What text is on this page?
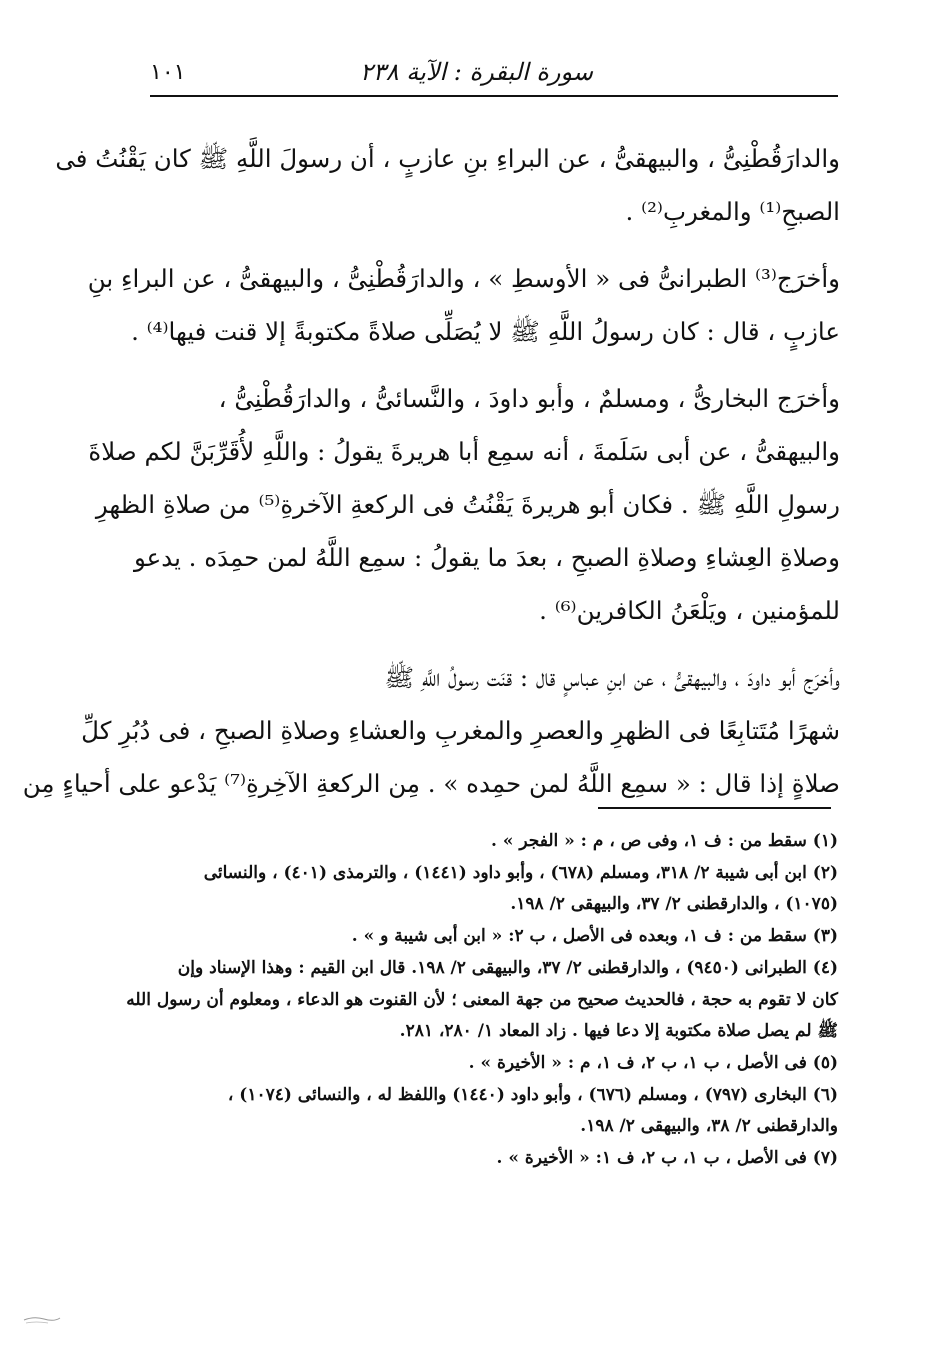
سورة البقرة : الآية ٢٣٨
١٠١

والدارَقُطْنِىُّ ، والبيهقىُّ ، عن البراءِ بنِ عازبٍ ، أن رسولَ اللَّهِ ﷺ كان يَقْنُتُ فى
الصبحِ⁽¹⁾ والمغربِ⁽²⁾ .

وأخرَج⁽³⁾ الطبرانىُّ فى « الأوسطِ » ، والدارَقُطْنِىُّ ، والبيهقىُّ ، عن البراءِ بنِ
عازبٍ ، قال : كان رسولُ اللَّهِ ﷺ لا يُصَلِّى صلاةً مكتوبةً إلا قنت فيها⁽⁴⁾ .

وأخرَج البخارىُّ ، ومسلمٌ ، وأبو داودَ ، والنَّسائىُّ ، والدارَقُطْنِىُّ ،
والبيهقىُّ ، عن أبى سَلَمةَ ، أنه سمِع أبا هريرةَ يقولُ : واللَّهِ لأُقَرِّبَنَّ لكم صلاةَ
رسولِ اللَّهِ ﷺ . فكان أبو هريرةَ يَقْنُتُ فى الركعةِ الآخرةِ⁽⁵⁾ من صلاةِ الظهرِ
وصلاةِ العِشاءِ وصلاةِ الصبحِ ، بعدَ ما يقولُ : سمِع اللَّهُ لمن حمِدَه . يدعو
للمؤمنين ، ويَلْعَنُ الكافرين⁽⁶⁾ .

وأخرَج أبو داودَ ، والبيهقىُّ ، عن ابنِ عباسٍ قال : قنَت رسولُ اللَّهِ ﷺ
شهرًا مُتَتابِعًا فى الظهرِ والعصرِ والمغربِ والعشاءِ وصلاةِ الصبحِ ، فى دُبُرِ كلِّ
صلاةٍ إذا قال : « سمِع اللَّهُ لمن حمِده » . مِن الركعةِ الآخِرةِ⁽⁷⁾ يَدْعو على أحياءٍ مِن

(١) سقط من : ف ١، وفى ص ، م : « الفجر » .
(٢) ابن أبى شيبة ٢/ ٣١٨، ومسلم (٦٧٨) ، وأبو داود (١٤٤١) ، والترمذى (٤٠١) ، والنسائى
(١٠٧٥) ، والدارقطنى ٢/ ٣٧، والبيهقى ٢/ ١٩٨.
(٣) سقط من : ف ١، وبعده فى الأصل ، ب ٢: « ابن أبى شيبة و » .
(٤) الطبرانى (٩٤٥٠) ، والدارقطنى ٢/ ٣٧، والبيهقى ٢/ ١٩٨. قال ابن القيم : وهذا الإسناد وإن
كان لا تقوم به حجة ، فالحديث صحيح من جهة المعنى ؛ لأن القنوت هو الدعاء ، ومعلوم أن رسول الله
ﷺ لم يصل صلاة مكتوبة إلا دعا فيها . زاد المعاد ١/ ٢٨٠، ٢٨١.
(٥) فى الأصل ، ب ١، ب ٢، ف ١، م : « الأخيرة » .
(٦) البخارى (٧٩٧) ، ومسلم (٦٧٦) ، وأبو داود (١٤٤٠) واللفظ له ، والنسائى (١٠٧٤) ،
والدارقطنى ٢/ ٣٨، والبيهقى ٢/ ١٩٨.
(٧) فى الأصل ، ب ١، ب ٢، ف ١: « الأخيرة » .
